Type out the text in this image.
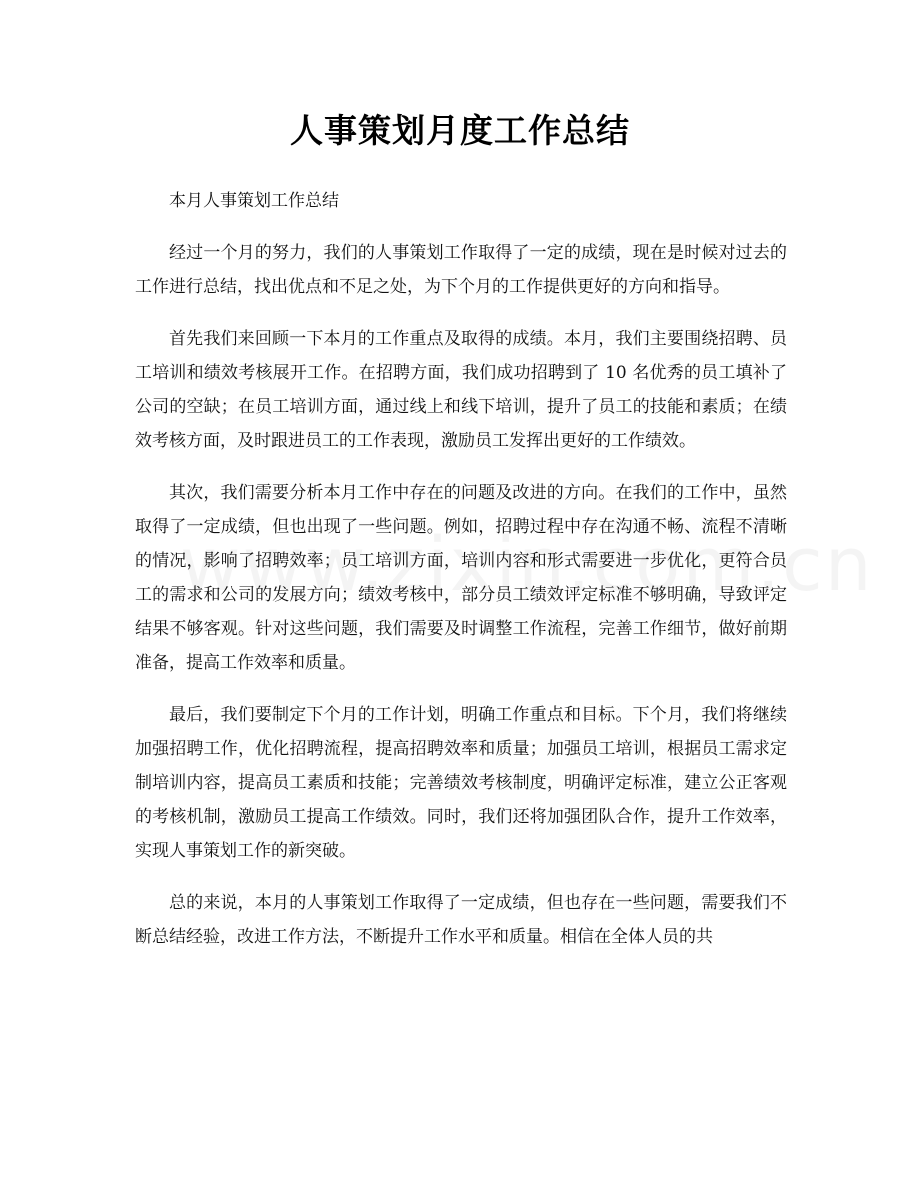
人事策划月度工作总结

本月人事策划工作总结

经过一个月的努力，我们的人事策划工作取得了一定的成绩，现在是时候对过去的工作进行总结，找出优点和不足之处，为下个月的工作提供更好的方向和指导。

首先我们来回顾一下本月的工作重点及取得的成绩。本月，我们主要围绕招聘、员工培训和绩效考核展开工作。在招聘方面，我们成功招聘到了 10 名优秀的员工填补了公司的空缺；在员工培训方面，通过线上和线下培训，提升了员工的技能和素质；在绩效考核方面，及时跟进员工的工作表现，激励员工发挥出更好的工作绩效。

其次，我们需要分析本月工作中存在的问题及改进的方向。在我们的工作中，虽然取得了一定成绩，但也出现了一些问题。例如，招聘过程中存在沟通不畅、流程不清晰的情况，影响了招聘效率；员工培训方面，培训内容和形式需要进一步优化，更符合员工的需求和公司的发展方向；绩效考核中，部分员工绩效评定标准不够明确，导致评定结果不够客观。针对这些问题，我们需要及时调整工作流程，完善工作细节，做好前期准备，提高工作效率和质量。

最后，我们要制定下个月的工作计划，明确工作重点和目标。下个月，我们将继续加强招聘工作，优化招聘流程，提高招聘效率和质量；加强员工培训，根据员工需求定制培训内容，提高员工素质和技能；完善绩效考核制度，明确评定标准，建立公正客观的考核机制，激励员工提高工作绩效。同时，我们还将加强团队合作，提升工作效率，实现人事策划工作的新突破。

总的来说，本月的人事策划工作取得了一定成绩，但也存在一些问题，需要我们不断总结经验，改进工作方法，不断提升工作水平和质量。相信在全体人员的共
